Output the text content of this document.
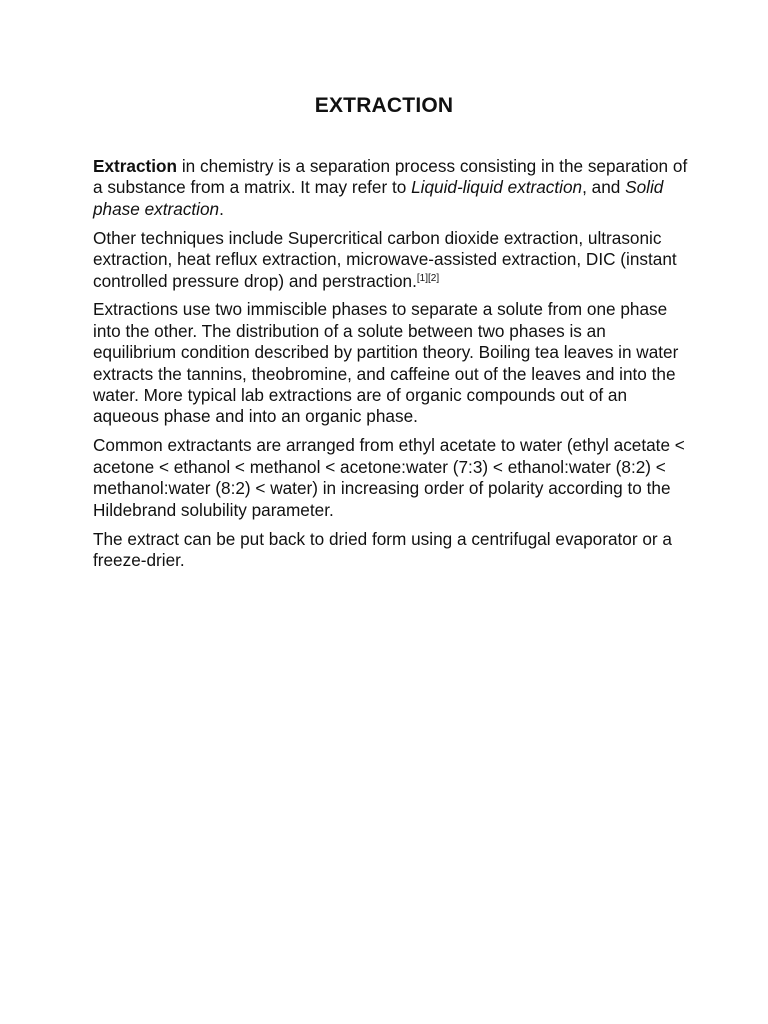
EXTRACTION

Extraction in chemistry is a separation process consisting in the separation of a substance from a matrix. It may refer to Liquid-liquid extraction, and Solid phase extraction.

Other techniques include Supercritical carbon dioxide extraction, ultrasonic extraction, heat reflux extraction, microwave-assisted extraction, DIC (instant controlled pressure drop) and perstraction.[1][2]

Extractions use two immiscible phases to separate a solute from one phase into the other. The distribution of a solute between two phases is an equilibrium condition described by partition theory. Boiling tea leaves in water extracts the tannins, theobromine, and caffeine out of the leaves and into the water. More typical lab extractions are of organic compounds out of an aqueous phase and into an organic phase.

Common extractants are arranged from ethyl acetate to water (ethyl acetate < acetone < ethanol < methanol < acetone:water (7:3) < ethanol:water (8:2) < methanol:water (8:2) < water) in increasing order of polarity according to the Hildebrand solubility parameter.

The extract can be put back to dried form using a centrifugal evaporator or a freeze-drier.
